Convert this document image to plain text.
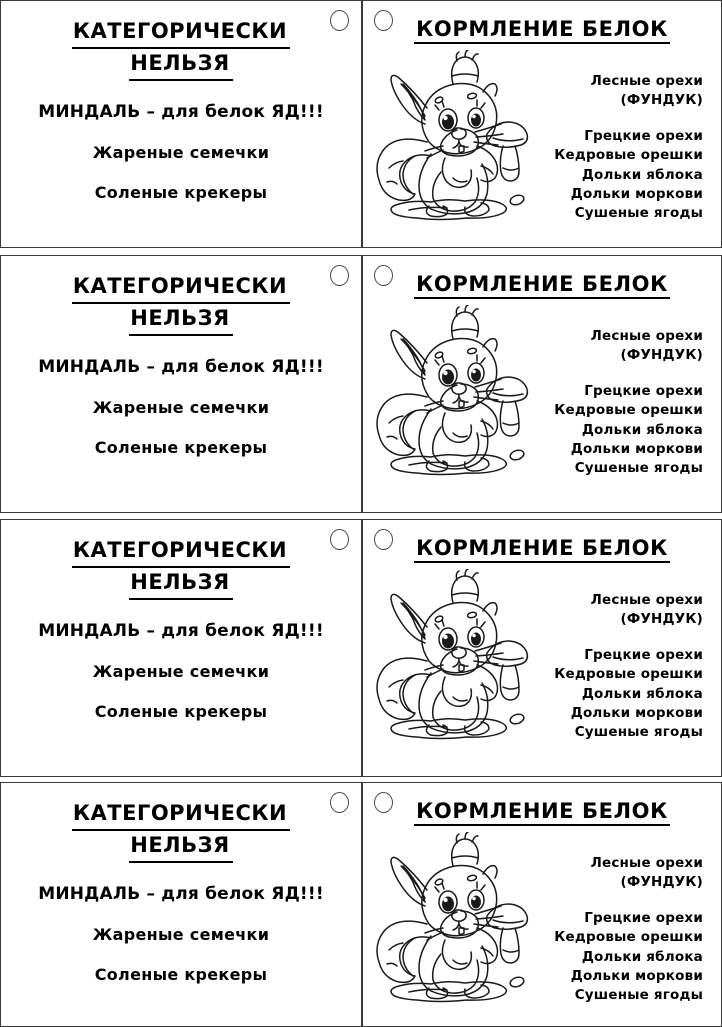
КАТЕГОРИЧЕСКИ
НЕЛЬЗЯ
МИНДАЛЬ – для белок ЯД!!!
Жареные семечки
Соленые крекеры
КОРМЛЕНИЕ БЕЛОК
Лесные орехи
(ФУНДУК)
Грецкие орехи
Кедровые орешки
Дольки яблока
Дольки моркови
Сушеные ягоды
КАТЕГОРИЧЕСКИ
НЕЛЬЗЯ
МИНДАЛЬ – для белок ЯД!!!
Жареные семечки
Соленые крекеры
КОРМЛЕНИЕ БЕЛОК
Лесные орехи
(ФУНДУК)
Грецкие орехи
Кедровые орешки
Дольки яблока
Дольки моркови
Сушеные ягоды
КАТЕГОРИЧЕСКИ
НЕЛЬЗЯ
МИНДАЛЬ – для белок ЯД!!!
Жареные семечки
Соленые крекеры
КОРМЛЕНИЕ БЕЛОК
Лесные орехи
(ФУНДУК)
Грецкие орехи
Кедровые орешки
Дольки яблока
Дольки моркови
Сушеные ягоды
КАТЕГОРИЧЕСКИ
НЕЛЬЗЯ
МИНДАЛЬ – для белок ЯД!!!
Жареные семечки
Соленые крекеры
КОРМЛЕНИЕ БЕЛОК
Лесные орехи
(ФУНДУК)
Грецкие орехи
Кедровые орешки
Дольки яблока
Дольки моркови
Сушеные ягоды
